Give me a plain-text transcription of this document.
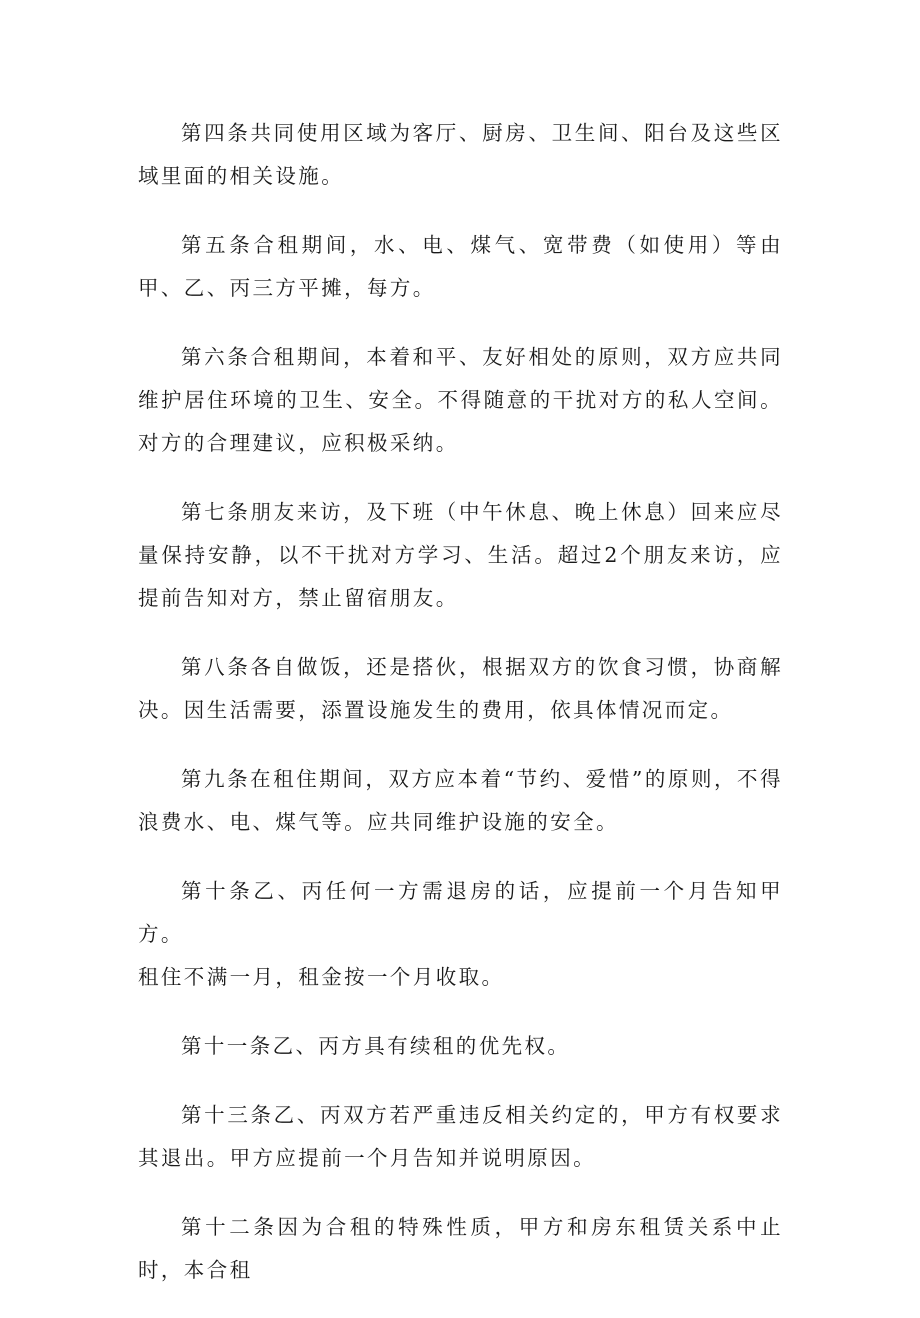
第四条共同使用区域为客厅、厨房、卫生间、阳台及这些区域里面的相关设施。

第五条合租期间，水、电、煤气、宽带费（如使用）等由甲、乙、丙三方平摊，每方。

第六条合租期间，本着和平、友好相处的原则，双方应共同维护居住环境的卫生、安全。不得随意的干扰对方的私人空间。对方的合理建议，应积极采纳。

第七条朋友来访，及下班（中午休息、晚上休息）回来应尽量保持安静，以不干扰对方学习、生活。超过2个朋友来访，应提前告知对方，禁止留宿朋友。

第八条各自做饭，还是搭伙，根据双方的饮食习惯，协商解决。因生活需要，添置设施发生的费用，依具体情况而定。

第九条在租住期间，双方应本着“节约、爱惜”的原则，不得浪费水、电、煤气等。应共同维护设施的安全。

第十条乙、丙任何一方需退房的话，应提前一个月告知甲方。

租住不满一月，租金按一个月收取。

第十一条乙、丙方具有续租的优先权。

第十三条乙、丙双方若严重违反相关约定的，甲方有权要求其退出。甲方应提前一个月告知并说明原因。

第十二条因为合租的特殊性质，甲方和房东租赁关系中止时，本合租
